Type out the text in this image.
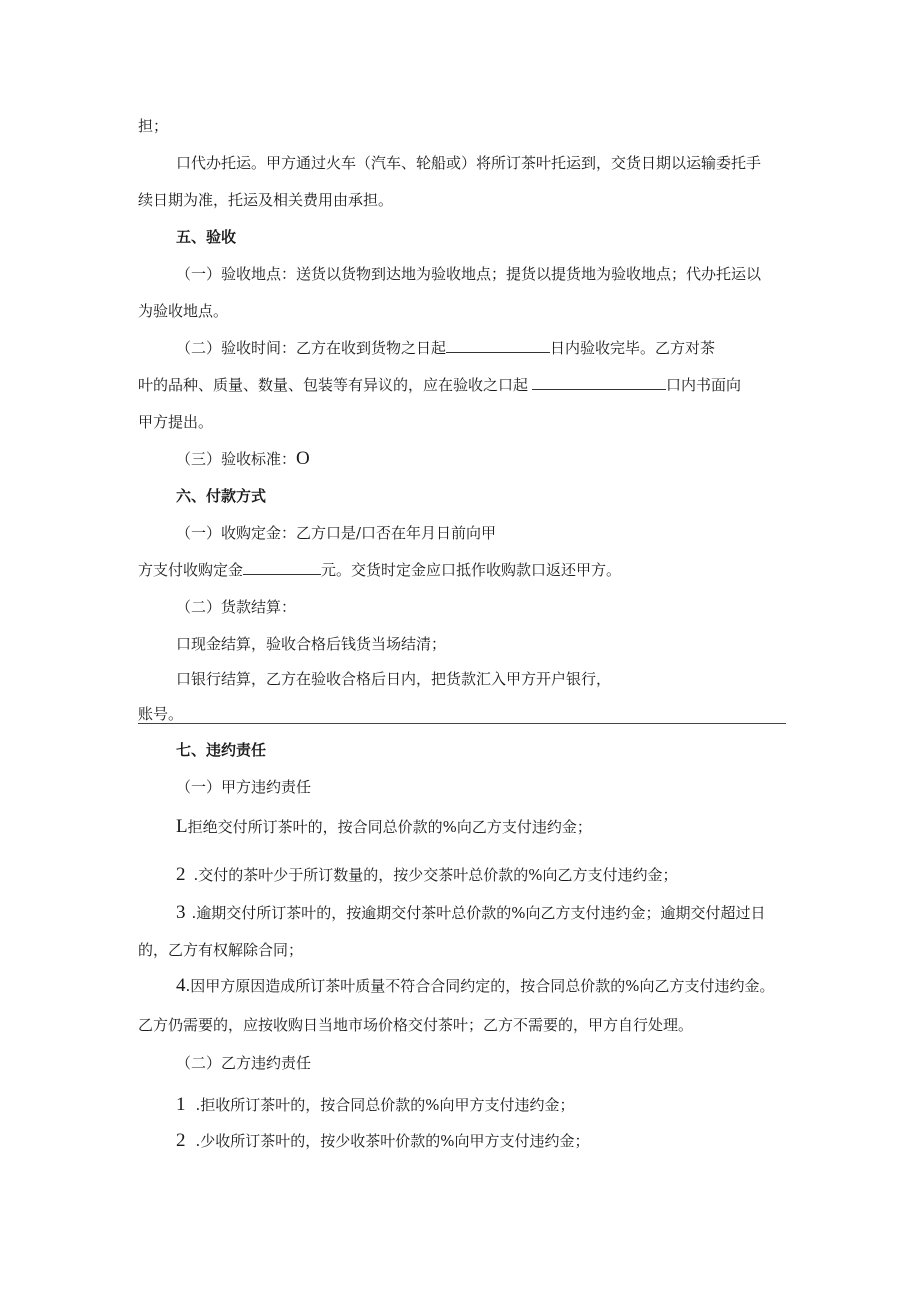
担；
口代办托运。甲方通过火车（汽车、轮船或）将所订茶叶托运到，交货日期以运输委托手
续日期为准，托运及相关费用由承担。
五、验收
（一）验收地点：送货以货物到达地为验收地点；提货以提货地为验收地点；代办托运以
为验收地点。
（二）验收时间：乙方在收到货物之日起	日内验收完毕。乙方对茶
叶的品种、质量、数量、包装等有异议的，应在验收之口起	口内书面向
甲方提出。
（三）验收标准：O
六、付款方式
（一）收购定金：乙方口是/口否在年月日前向甲
方支付收购定金	元。交货时定金应口抵作收购款口返还甲方。
（二）货款结算：
口现金结算，验收合格后钱货当场结清；
口银行结算，乙方在验收合格后日内，把货款汇入甲方开户银行，
账号。
七、违约责任
（一）甲方违约责任
L拒绝交付所订茶叶的，按合同总价款的%向乙方支付违约金；
2 .交付的茶叶少于所订数量的，按少交茶叶总价款的%向乙方支付违约金；
3 .逾期交付所订茶叶的，按逾期交付茶叶总价款的%向乙方支付违约金；逾期交付超过日
的，乙方有权解除合同；
4.因甲方原因造成所订茶叶质量不符合合同约定的，按合同总价款的%向乙方支付违约金。
乙方仍需要的，应按收购日当地市场价格交付茶叶；乙方不需要的，甲方自行处理。
（二）乙方违约责任
1 .拒收所订茶叶的，按合同总价款的%向甲方支付违约金；
2 .少收所订茶叶的，按少收茶叶价款的%向甲方支付违约金；
